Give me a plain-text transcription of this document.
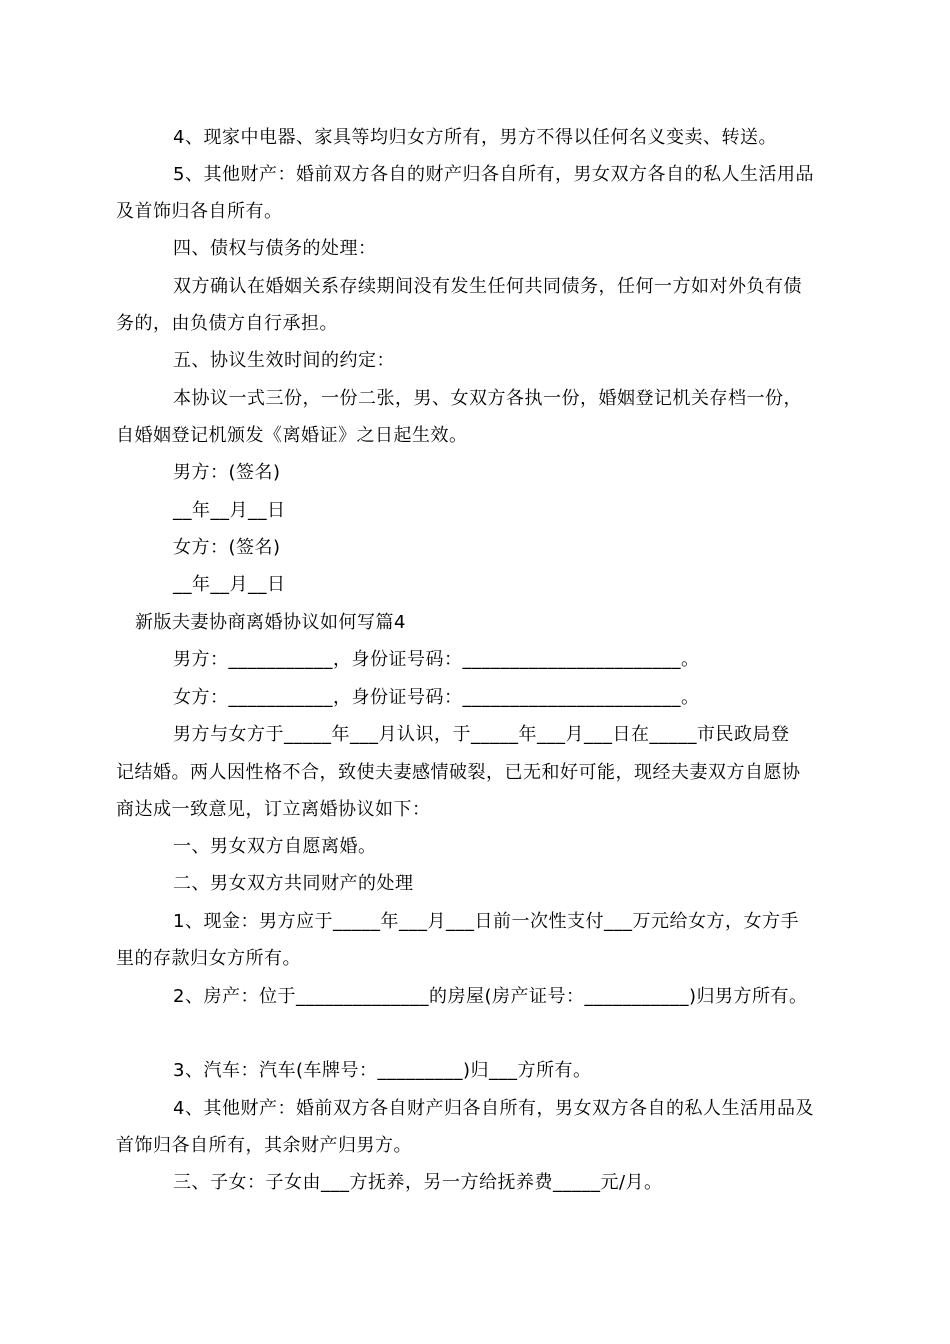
4、现家中电器、家具等均归女方所有，男方不得以任何名义变卖、转送。
5、其他财产：婚前双方各自的财产归各自所有，男女双方各自的私人生活用品
及首饰归各自所有。
四、债权与债务的处理：
双方确认在婚姻关系存续期间没有发生任何共同债务，任何一方如对外负有债
务的，由负债方自行承担。
五、协议生效时间的约定：
本协议一式三份，一份二张，男、女双方各执一份，婚姻登记机关存档一份，
自婚姻登记机颁发《离婚证》之日起生效。
男方：(签名)
__年__月__日
女方：(签名)
__年__月__日
新版夫妻协商离婚协议如何写篇4
男方：___________，身份证号码：_______________________。
女方：___________，身份证号码：_______________________。
男方与女方于_____年___月认识，于_____年___月___日在_____市民政局登
记结婚。两人因性格不合，致使夫妻感情破裂，已无和好可能，现经夫妻双方自愿协
商达成一致意见，订立离婚协议如下：
一、男女双方自愿离婚。
二、男女双方共同财产的处理
1、现金：男方应于_____年___月___日前一次性支付___万元给女方，女方手
里的存款归女方所有。
2、房产：位于______________的房屋(房产证号：___________)归男方所有。
3、汽车：汽车(车牌号：_________)归___方所有。
4、其他财产：婚前双方各自财产归各自所有，男女双方各自的私人生活用品及
首饰归各自所有，其余财产归男方。
三、子女：子女由___方抚养，另一方给抚养费_____元/月。
